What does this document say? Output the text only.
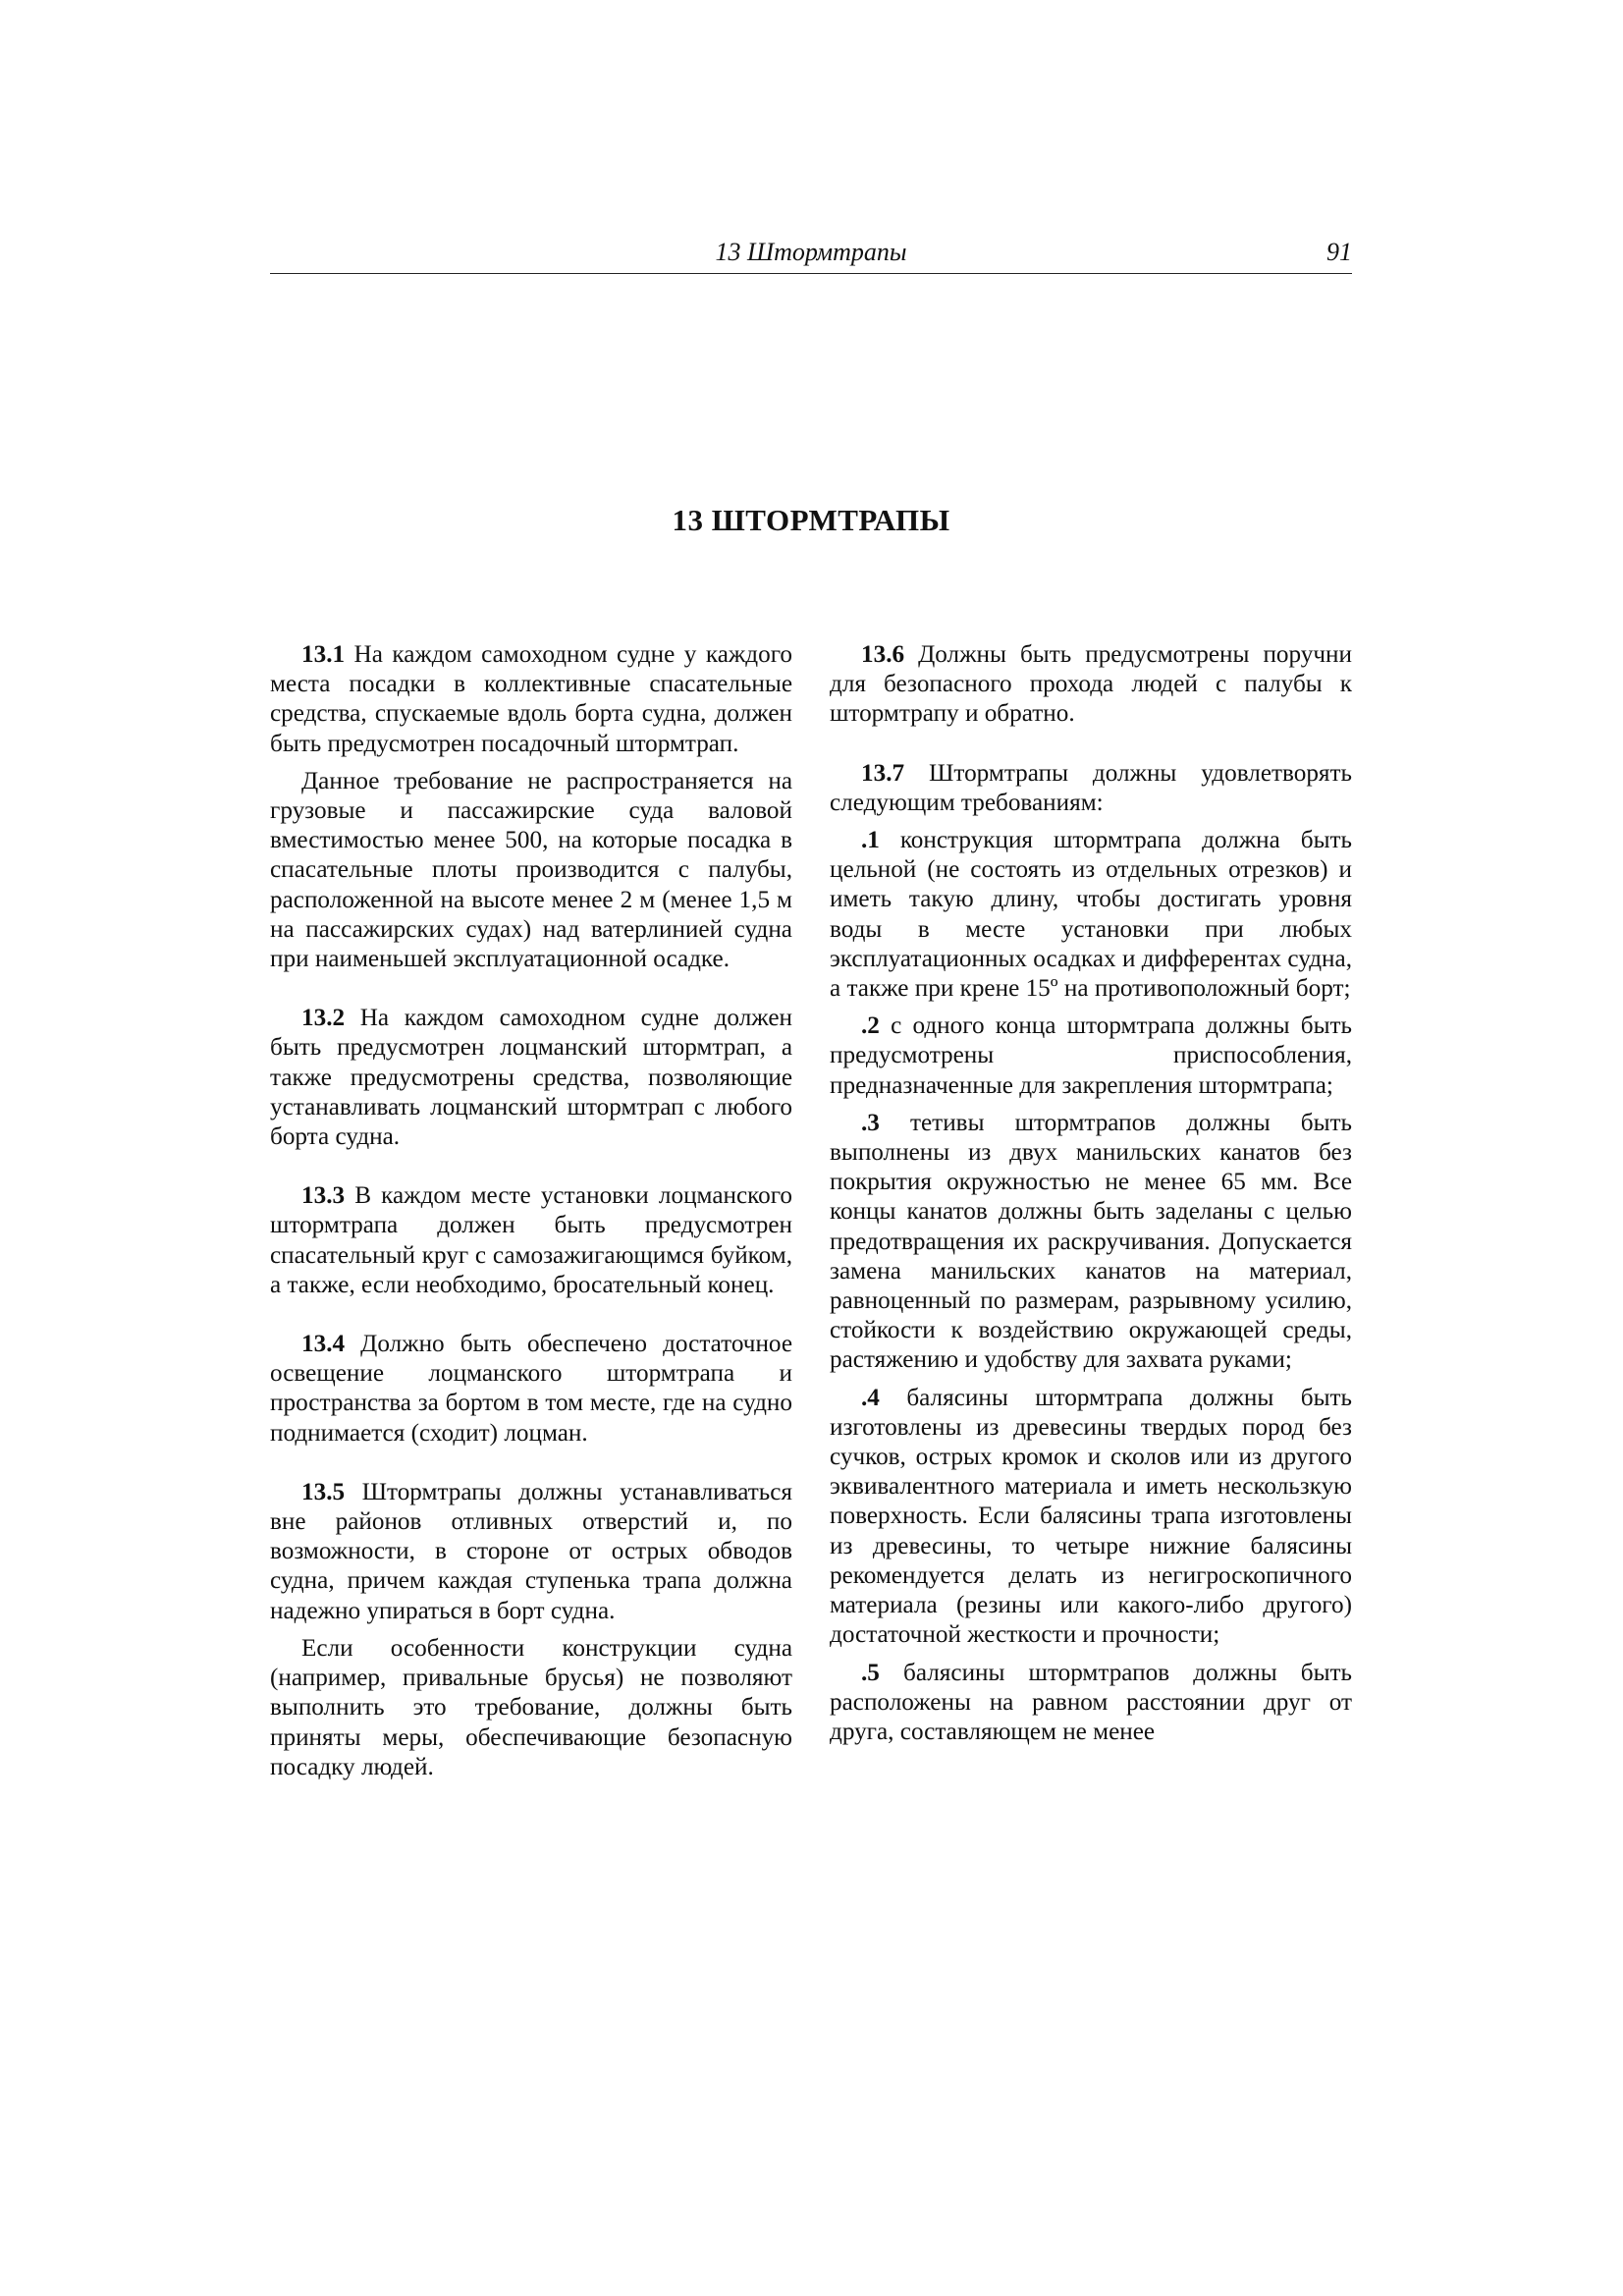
13 Штормтрапы	91
13 ШТОРМТРАПЫ

13.1 На каждом самоходном судне у каждого места посадки в коллективные спасательные средства, спускаемые вдоль борта судна, должен быть предусмотрен посадочный штормтрап.

Данное требование не распространяется на грузовые и пассажирские суда валовой вместимостью менее 500, на которые посадка в спасательные плоты производится с палубы, расположенной на высоте менее 2 м (менее 1,5 м на пассажирских судах) над ватерлинией судна при наименьшей эксплуатационной осадке.

13.2 На каждом самоходном судне должен быть предусмотрен лоцманский штормтрап, а также предусмотрены средства, позволяющие устанавливать лоцманский штормтрап с любого борта судна.

13.3 В каждом месте установки лоцманского штормтрапа должен быть предусмотрен спасательный круг с самозажигающимся буйком, а также, если необходимо, бросательный конец.

13.4 Должно быть обеспечено достаточное освещение лоцманского штормтрапа и пространства за бортом в том месте, где на судно поднимается (сходит) лоцман.

13.5 Штормтрапы должны устанавливаться вне районов отливных отверстий и, по возможности, в стороне от острых обводов судна, причем каждая ступенька трапа должна надежно упираться в борт судна.

Если особенности конструкции судна (например, привальные брусья) не позволяют выполнить это требование, должны быть приняты меры, обеспечивающие безопасную посадку людей.

13.6 Должны быть предусмотрены поручни для безопасного прохода людей с палубы к штормтрапу и обратно.

13.7 Штормтрапы должны удовлетворять следующим требованиям:

.1 конструкция штормтрапа должна быть цельной (не состоять из отдельных отрезков) и иметь такую длину, чтобы достигать уровня воды в месте установки при любых эксплуатационных осадках и дифферентах судна, а также при крене 15º на противоположный борт;

.2 с одного конца штормтрапа должны быть предусмотрены приспособления, предназначенные для закрепления штормтрапа;

.3 тетивы штормтрапов должны быть выполнены из двух манильских канатов без покрытия окружностью не менее 65 мм. Все концы канатов должны быть заделаны с целью предотвращения их раскручивания. Допускается замена манильских канатов на материал, равноценный по размерам, разрывному усилию, стойкости к воздействию окружающей среды, растяжению и удобству для захвата руками;

.4 балясины штормтрапа должны быть изготовлены из древесины твердых пород без сучков, острых кромок и сколов или из другого эквивалентного материала и иметь нескользкую поверхность. Если балясины трапа изготовлены из древесины, то четыре нижние балясины рекомендуется делать из негигроскопичного материала (резины или какого-либо другого) достаточной жесткости и прочности;

.5 балясины штормтрапов должны быть расположены на равном расстоянии друг от друга, составляющем не менее
